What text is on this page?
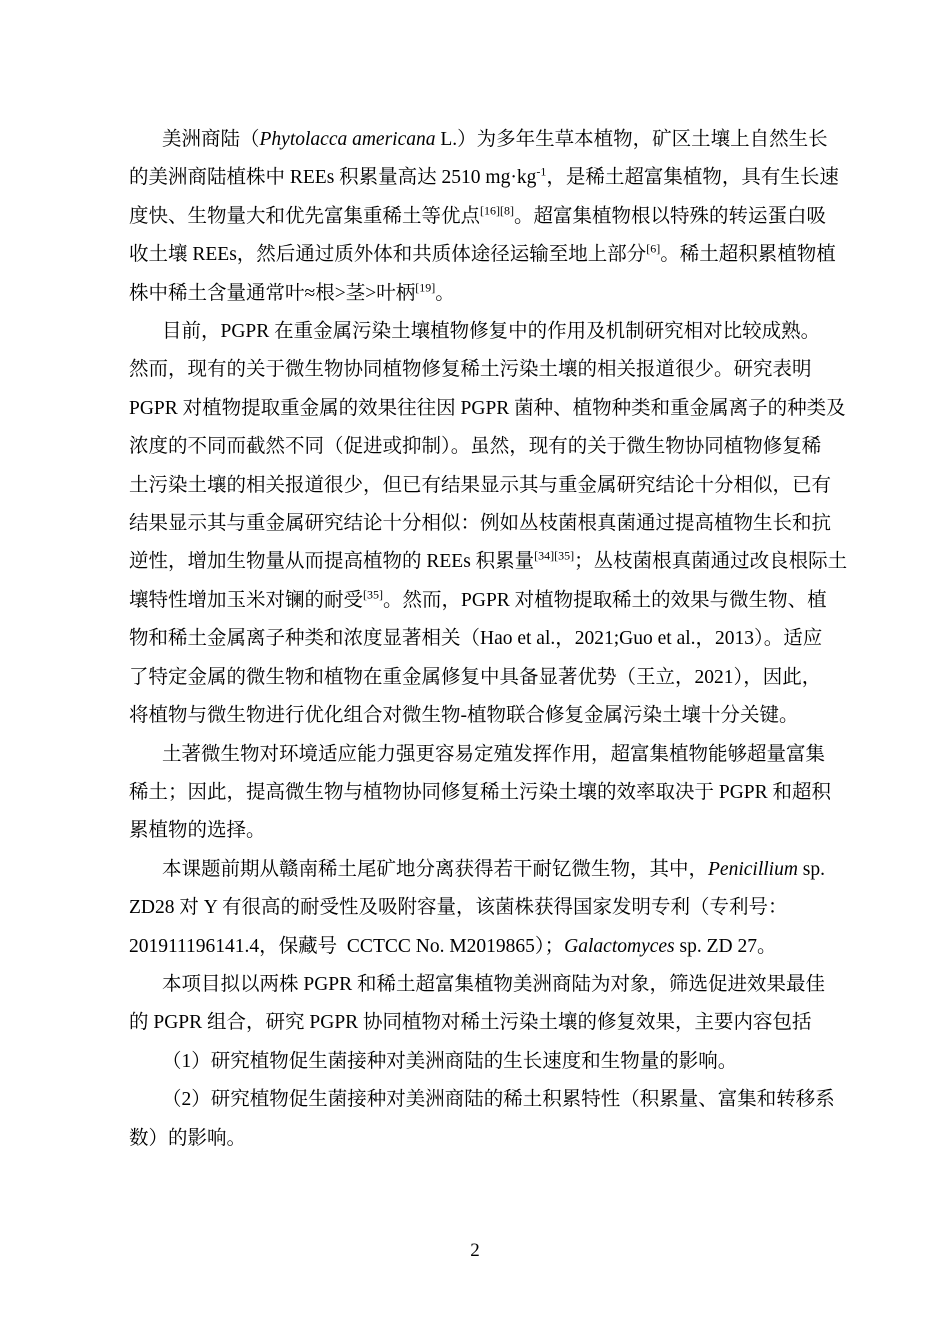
美洲商陆（Phytolacca americana L.）为多年生草本植物，矿区土壤上自然生长
的美洲商陆植株中 REEs 积累量高达 2510 $mg\cdot kg^{-1}$，是稀土超富集植物，具有生长速
度快、生物量大和优先富集重稀土等优点[16][8]。超富集植物根以特殊的转运蛋白吸
收土壤 REEs，然后通过质外体和共质体途径运输至地上部分[6]。稀土超积累植物植
株中稀土含量通常叶≈根>茎>叶柄[19]。
目前，PGPR 在重金属污染土壤植物修复中的作用及机制研究相对比较成熟。
然而，现有的关于微生物协同植物修复稀土污染土壤的相关报道很少。研究表明
PGPR 对植物提取重金属的效果往往因 PGPR 菌种、植物种类和重金属离子的种类及
浓度的不同而截然不同（促进或抑制）。虽然，现有的关于微生物协同植物修复稀
土污染土壤的相关报道很少，但已有结果显示其与重金属研究结论十分相似，已有
结果显示其与重金属研究结论十分相似：例如丛枝菌根真菌通过提高植物生长和抗
逆性，增加生物量从而提高植物的 REEs 积累量[34][35]；丛枝菌根真菌通过改良根际土
壤特性增加玉米对镧的耐受[35]。然而，PGPR 对植物提取稀土的效果与微生物、植
物和稀土金属离子种类和浓度显著相关（Hao et al.，2021;Guo et al.，2013）。适应
了特定金属的微生物和植物在重金属修复中具备显著优势（王立，2021），因此，
将植物与微生物进行优化组合对微生物-植物联合修复金属污染土壤十分关键。
土著微生物对环境适应能力强更容易定殖发挥作用，超富集植物能够超量富集
稀土；因此，提高微生物与植物协同修复稀土污染土壤的效率取决于 PGPR 和超积
累植物的选择。
本课题前期从赣南稀土尾矿地分离获得若干耐钇微生物，其中，Penicillium sp.
ZD28 对 Y 有很高的耐受性及吸附容量，该菌株获得国家发明专利（专利号：
201911196141.4，保藏号  CCTCC No. M2019865）；Galactomyces sp. ZD 27。
本项目拟以两株 PGPR 和稀土超富集植物美洲商陆为对象，筛选促进效果最佳
的 PGPR 组合，研究 PGPR 协同植物对稀土污染土壤的修复效果，主要内容包括
（1）研究植物促生菌接种对美洲商陆的生长速度和生物量的影响。
（2）研究植物促生菌接种对美洲商陆的稀土积累特性（积累量、富集和转移系
数）的影响。
2
